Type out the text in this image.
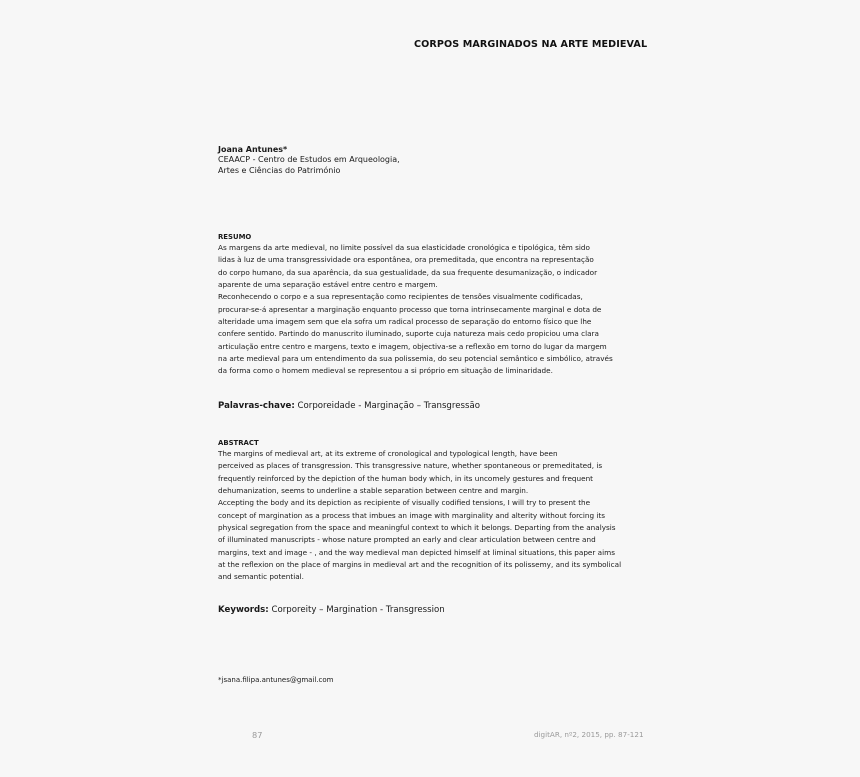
CORPOS MARGINADOS NA ARTE MEDIEVAL
Joana Antunes*
CEAACP - Centro de Estudos em Arqueologia,
Artes e Ciências do Património
RESUMO
As margens da arte medieval, no limite possível da sua elasticidade cronológica e tipológica, têm sido
lidas à luz de uma transgressividade ora espontânea, ora premeditada, que encontra na representação
do corpo humano, da sua aparência, da sua gestualidade, da sua frequente desumanização, o indicador
aparente de uma separação estável entre centro e margem.
Reconhecendo o corpo e a sua representação como recipientes de tensões visualmente codificadas,
procurar-se-á apresentar a marginação enquanto processo que torna intrinsecamente marginal e dota de
alteridade uma imagem sem que ela sofra um radical processo de separação do entorno físico que lhe
confere sentido. Partindo do manuscrito iluminado, suporte cuja natureza mais cedo propiciou uma clara
articulação entre centro e margens, texto e imagem, objectiva-se a reflexão em torno do lugar da margem
na arte medieval para um entendimento da sua polissemia, do seu potencial semântico e simbólico, através
da forma como o homem medieval se representou a si próprio em situação de liminaridade.
Palavras-chave: Corporeidade - Marginação – Transgressão
ABSTRACT
The margins of medieval art, at its extreme of cronological and typological length, have been
perceived as places of transgression. This transgressive nature, whether spontaneous or premeditated, is
frequently reinforced by the depiction of the human body which, in its uncomely gestures and frequent
dehumanization, seems to underline a stable separation between centre and margin.
Accepting the body and its depiction as recipiente of visually codified tensions, I will try to present the
concept of margination as a process that imbues an image with marginality and alterity without forcing its
physical segregation from the space and meaningful context to which it belongs. Departing from the analysis
of illuminated manuscripts - whose nature prompted an early and clear articulation between centre and
margins, text and image - , and the way medieval man depicted himself at liminal situations, this paper aims
at the reflexion on the place of margins in medieval art and the recognition of its polissemy, and its symbolical
and semantic potential.
Keywords: Corporeity – Margination - Transgression
*jsana.filipa.antunes@gmail.com
87	digitAR, nº2, 2015, pp. 87-121
